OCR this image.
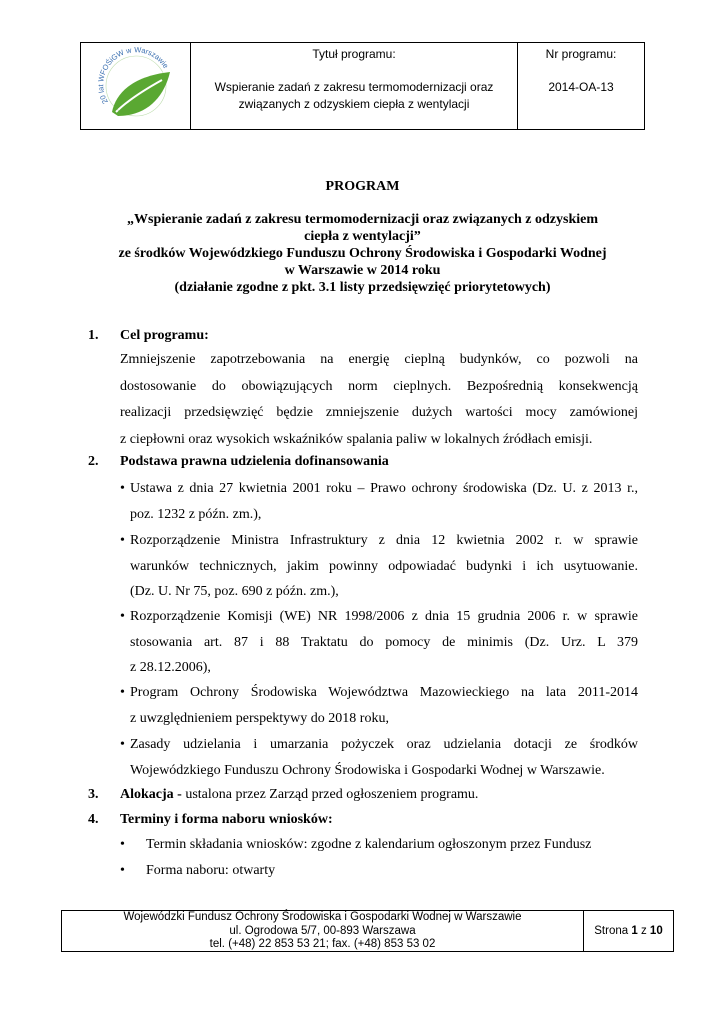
20 lat WFOŚiGW w Warszawie
Tytuł programu:
Wspieranie zadań z zakresu termomodernizacji oraz
związanych z odzyskiem ciepła z wentylacji
Nr programu:
2014-OA-13
PROGRAM
„Wspieranie zadań z zakresu termomodernizacji oraz związanych z odzyskiem
ciepła z wentylacji”
ze środków Wojewódzkiego Funduszu Ochrony Środowiska i Gospodarki Wodnej
w Warszawie w 2014 roku
(działanie zgodne z pkt. 3.1 listy przedsięwzięć priorytetowych)
1. Cel programu:
Zmniejszenie zapotrzebowania na energię cieplną budynków, co pozwoli na
dostosowanie do obowiązujących norm cieplnych. Bezpośrednią konsekwencją
realizacji przedsięwzięć będzie zmniejszenie dużych wartości mocy zamówionej
z ciepłowni oraz wysokich wskaźników spalania paliw w lokalnych źródłach emisji.
2. Podstawa prawna udzielenia dofinansowania
• Ustawa z dnia 27 kwietnia 2001 roku – Prawo ochrony środowiska (Dz. U. z 2013 r.,
poz. 1232 z późn. zm.),
• Rozporządzenie Ministra Infrastruktury z dnia 12 kwietnia 2002 r. w sprawie
warunków technicznych, jakim powinny odpowiadać budynki i ich usytuowanie.
(Dz. U. Nr 75, poz. 690 z późn. zm.),
• Rozporządzenie Komisji (WE) NR 1998/2006 z dnia 15 grudnia 2006 r. w sprawie
stosowania art. 87 i 88 Traktatu do pomocy de minimis (Dz. Urz. L 379
z 28.12.2006),
• Program Ochrony Środowiska Województwa Mazowieckiego na lata 2011-2014
z uwzględnieniem perspektywy do 2018 roku,
• Zasady udzielania i umarzania pożyczek oraz udzielania dotacji ze środków
Wojewódzkiego Funduszu Ochrony Środowiska i Gospodarki Wodnej w Warszawie.
3. Alokacja - ustalona przez Zarząd przed ogłoszeniem programu.
4. Terminy i forma naboru wniosków:
•	Termin składania wniosków: zgodne z kalendarium ogłoszonym przez Fundusz
•	Forma naboru: otwarty
Wojewódzki Fundusz Ochrony Środowiska i Gospodarki Wodnej w Warszawie
ul. Ogrodowa 5/7, 00-893 Warszawa
tel. (+48) 22 853 53 21; fax. (+48) 853 53 02
Strona
1
z
10
